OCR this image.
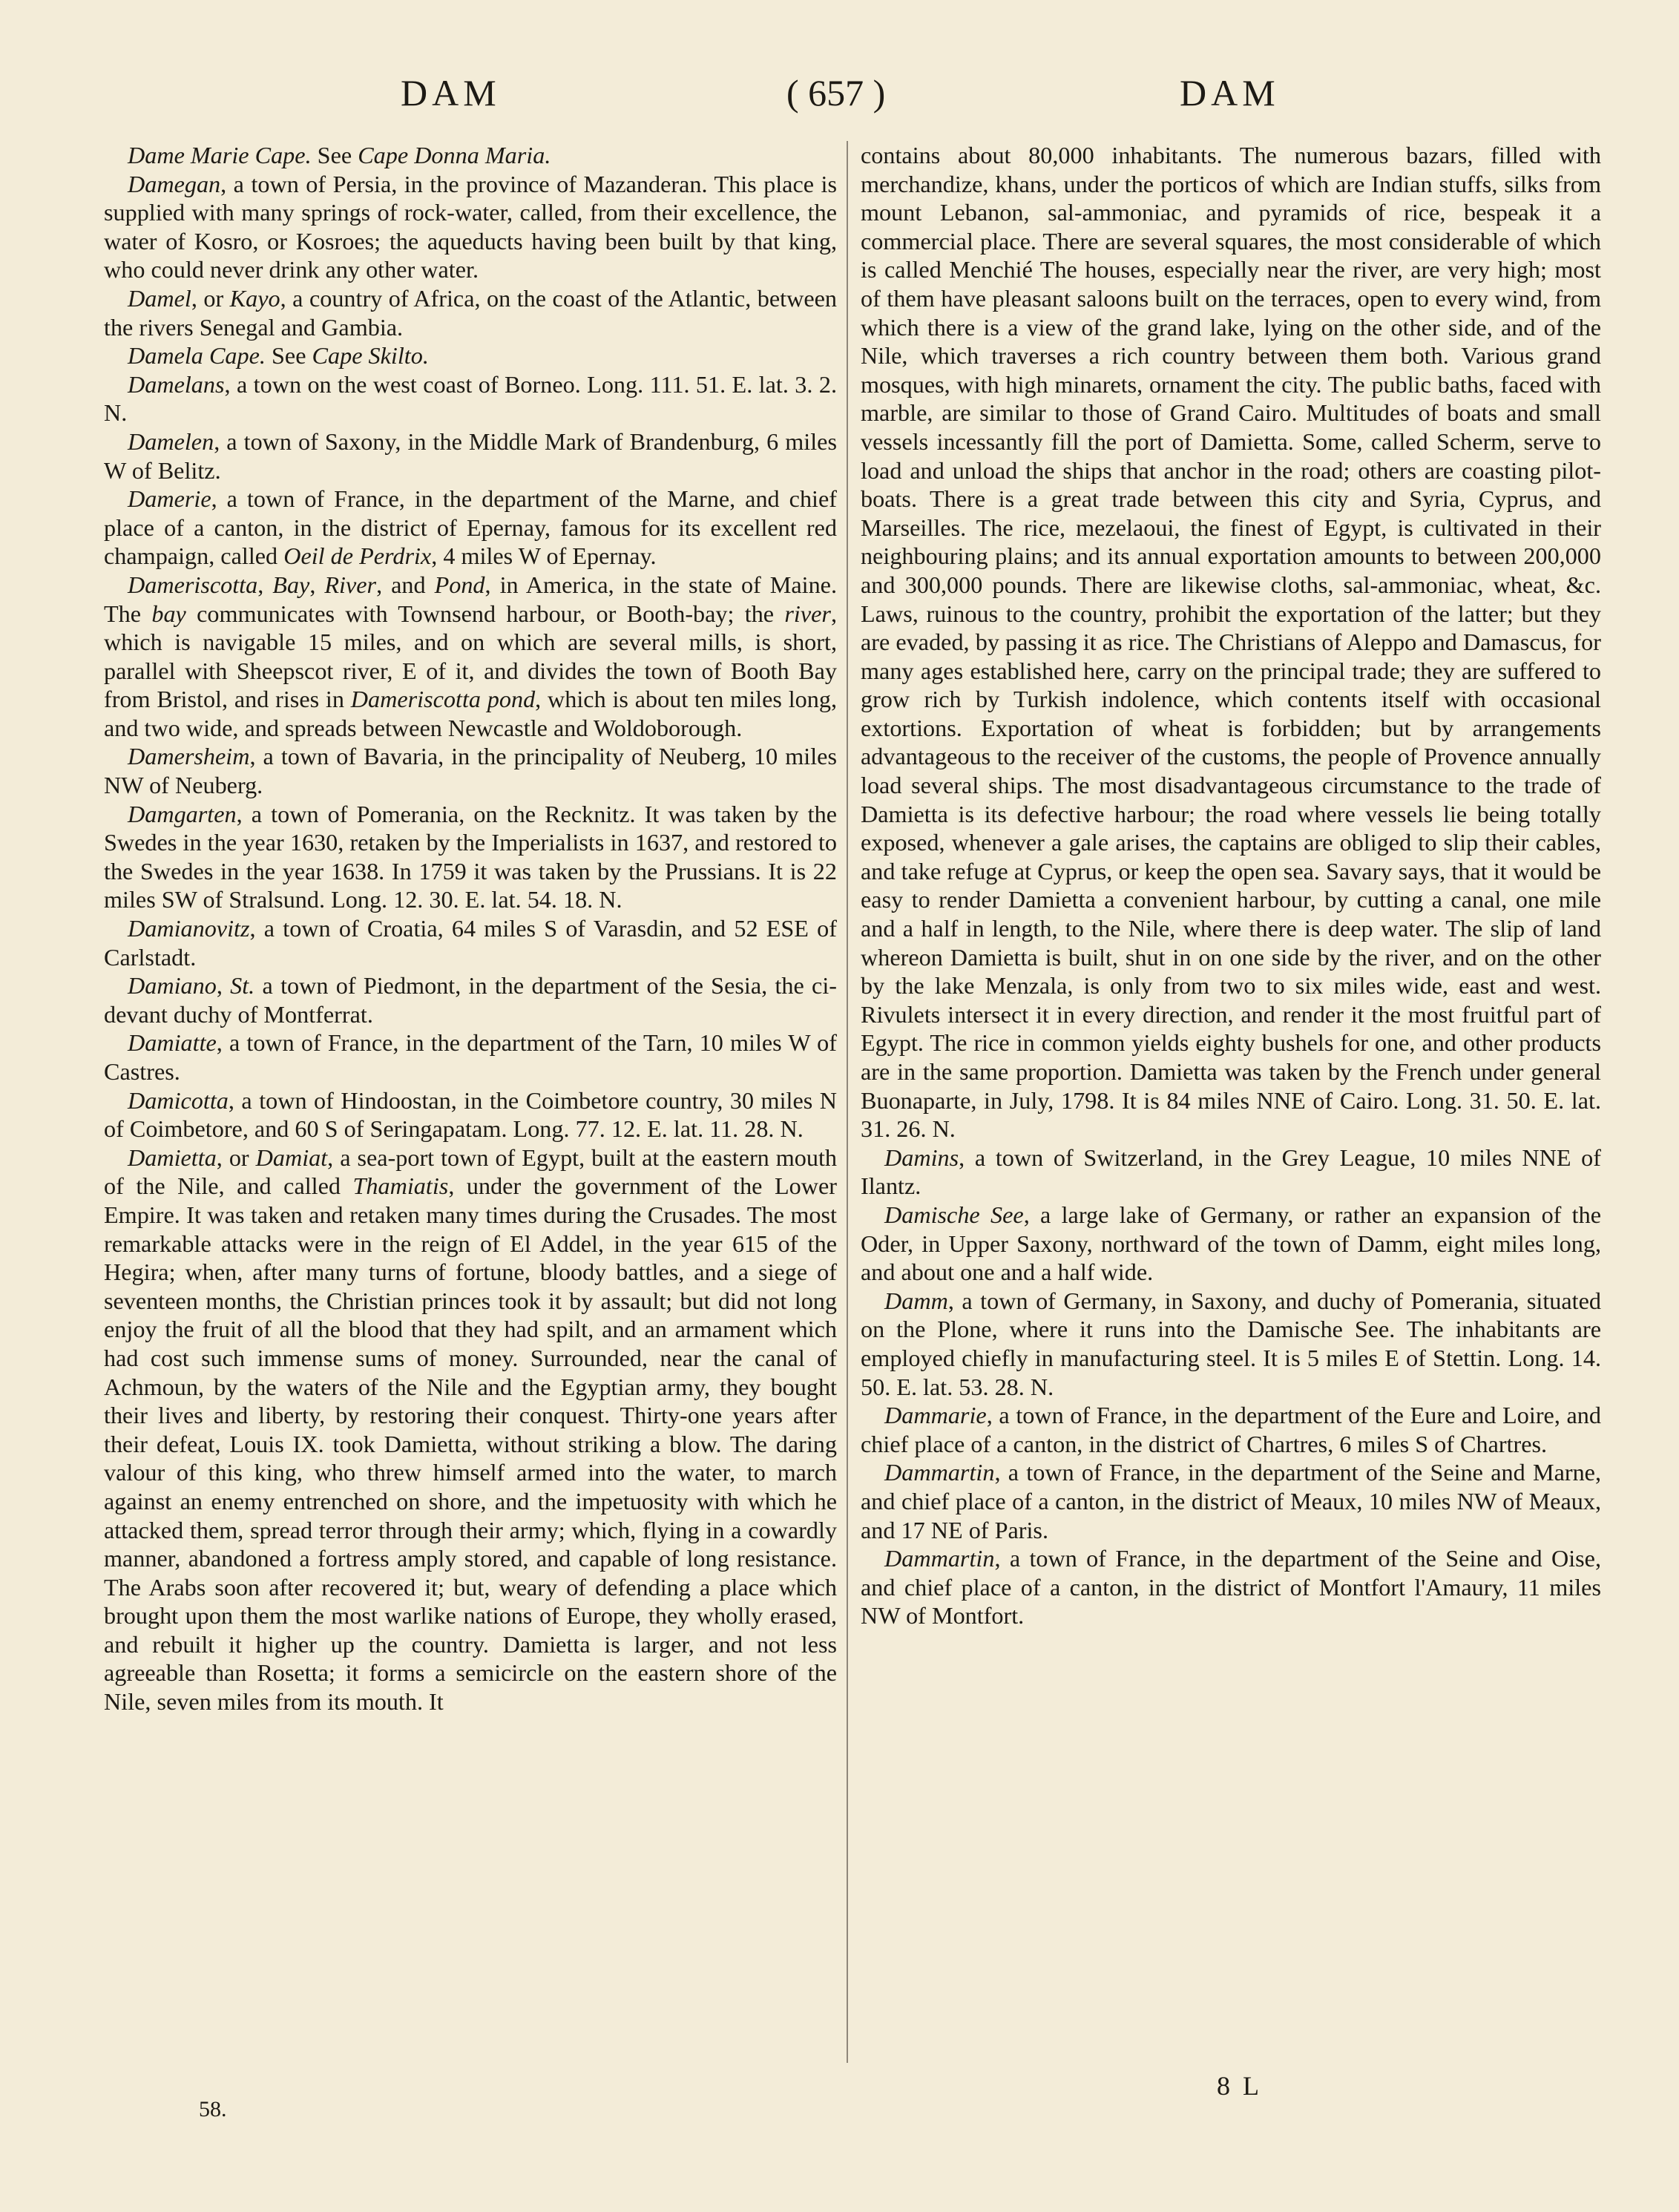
DAM	( 657 )	DAM

Dame Marie Cape. See Cape Donna Maria.

Damegan, a town of Persia, in the province of Mazanderan. This place is supplied with many springs of rock-water, called, from their excellence, the water of Kosro, or Kosroes; the aqueducts having been built by that king, who could never drink any other water.

Damel, or Kayo, a country of Africa, on the coast of the Atlantic, between the rivers Senegal and Gambia.

Damela Cape. See Cape Skilto.

Damelans, a town on the west coast of Borneo. Long. 111. 51. E. lat. 3. 2. N.

Damelen, a town of Saxony, in the Middle Mark of Brandenburg, 6 miles W of Belitz.

Damerie, a town of France, in the department of the Marne, and chief place of a canton, in the district of Epernay, famous for its excellent red champaign, called Oeil de Perdrix, 4 miles W of Epernay.

Dameriscotta, Bay, River, and Pond, in America, in the state of Maine. The bay communicates with Townsend harbour, or Booth-bay; the river, which is navigable 15 miles, and on which are several mills, is short, parallel with Sheepscot river, E of it, and divides the town of Booth Bay from Bristol, and rises in Dameriscotta pond, which is about ten miles long, and two wide, and spreads between Newcastle and Woldoborough.

Damersheim, a town of Bavaria, in the principality of Neuberg, 10 miles NW of Neuberg.

Damgarten, a town of Pomerania, on the Recknitz. It was taken by the Swedes in the year 1630, retaken by the Imperialists in 1637, and restored to the Swedes in the year 1638. In 1759 it was taken by the Prussians. It is 22 miles SW of Stralsund. Long. 12. 30. E. lat. 54. 18. N.

Damianovitz, a town of Croatia, 64 miles S of Varasdin, and 52 ESE of Carlstadt.

Damiano, St. a town of Piedmont, in the department of the Sesia, the ci-devant duchy of Montferrat.

Damiatte, a town of France, in the department of the Tarn, 10 miles W of Castres.

Damicotta, a town of Hindoostan, in the Coimbetore country, 30 miles N of Coimbetore, and 60 S of Seringapatam. Long. 77. 12. E. lat. 11. 28. N.

Damietta, or Damiat, a sea-port town of Egypt, built at the eastern mouth of the Nile, and called Thamiatis, under the government of the Lower Empire. It was taken and retaken many times during the Crusades. The most remarkable attacks were in the reign of El Addel, in the year 615 of the Hegira; when, after many turns of fortune, bloody battles, and a siege of seventeen months, the Christian princes took it by assault; but did not long enjoy the fruit of all the blood that they had spilt, and an armament which had cost such immense sums of money. Surrounded, near the canal of Achmoun, by the waters of the Nile and the Egyptian army, they bought their lives and liberty, by restoring their conquest. Thirty-one years after their defeat, Louis IX. took Damietta, without striking a blow. The daring valour of this king, who threw himself armed into the water, to march against an enemy entrenched on shore, and the impetuosity with which he attacked them, spread terror through their army; which, flying in a cowardly manner, abandoned a fortress amply stored, and capable of long resistance. The Arabs soon after recovered it; but, weary of defending a place which brought upon them the most warlike nations of Europe, they wholly erased, and rebuilt it higher up the country. Damietta is larger, and not less agreeable than Rosetta; it forms a semicircle on the eastern shore of the Nile, seven miles from its mouth. It

contains about 80,000 inhabitants. The numerous bazars, filled with merchandize, khans, under the porticos of which are Indian stuffs, silks from mount Lebanon, sal-ammoniac, and pyramids of rice, bespeak it a commercial place. There are several squares, the most considerable of which is called Menchié The houses, especially near the river, are very high; most of them have pleasant saloons built on the terraces, open to every wind, from which there is a view of the grand lake, lying on the other side, and of the Nile, which traverses a rich country between them both. Various grand mosques, with high minarets, ornament the city. The public baths, faced with marble, are similar to those of Grand Cairo. Multitudes of boats and small vessels incessantly fill the port of Damietta. Some, called Scherm, serve to load and unload the ships that anchor in the road; others are coasting pilot-boats. There is a great trade between this city and Syria, Cyprus, and Marseilles. The rice, mezelaoui, the finest of Egypt, is cultivated in their neighbouring plains; and its annual exportation amounts to between 200,000 and 300,000 pounds. There are likewise cloths, sal-ammoniac, wheat, &c. Laws, ruinous to the country, prohibit the exportation of the latter; but they are evaded, by passing it as rice. The Christians of Aleppo and Damascus, for many ages established here, carry on the principal trade; they are suffered to grow rich by Turkish indolence, which contents itself with occasional extortions. Exportation of wheat is forbidden; but by arrangements advantageous to the receiver of the customs, the people of Provence annually load several ships. The most disadvantageous circumstance to the trade of Damietta is its defective harbour; the road where vessels lie being totally exposed, whenever a gale arises, the captains are obliged to slip their cables, and take refuge at Cyprus, or keep the open sea. Savary says, that it would be easy to render Damietta a convenient harbour, by cutting a canal, one mile and a half in length, to the Nile, where there is deep water. The slip of land whereon Damietta is built, shut in on one side by the river, and on the other by the lake Menzala, is only from two to six miles wide, east and west. Rivulets intersect it in every direction, and render it the most fruitful part of Egypt. The rice in common yields eighty bushels for one, and other products are in the same proportion. Damietta was taken by the French under general Buonaparte, in July, 1798. It is 84 miles NNE of Cairo. Long. 31. 50. E. lat. 31. 26. N.

Damins, a town of Switzerland, in the Grey League, 10 miles NNE of Ilantz.

Damische See, a large lake of Germany, or rather an expansion of the Oder, in Upper Saxony, northward of the town of Damm, eight miles long, and about one and a half wide.

Damm, a town of Germany, in Saxony, and duchy of Pomerania, situated on the Plone, where it runs into the Damische See. The inhabitants are employed chiefly in manufacturing steel. It is 5 miles E of Stettin. Long. 14. 50. E. lat. 53. 28. N.

Dammarie, a town of France, in the department of the Eure and Loire, and chief place of a canton, in the district of Chartres, 6 miles S of Chartres.

Dammartin, a town of France, in the department of the Seine and Marne, and chief place of a canton, in the district of Meaux, 10 miles NW of Meaux, and 17 NE of Paris.

Dammartin, a town of France, in the department of the Seine and Oise, and chief place of a canton, in the district of Montfort l'Amaury, 11 miles NW of Montfort.

58.
8 L
